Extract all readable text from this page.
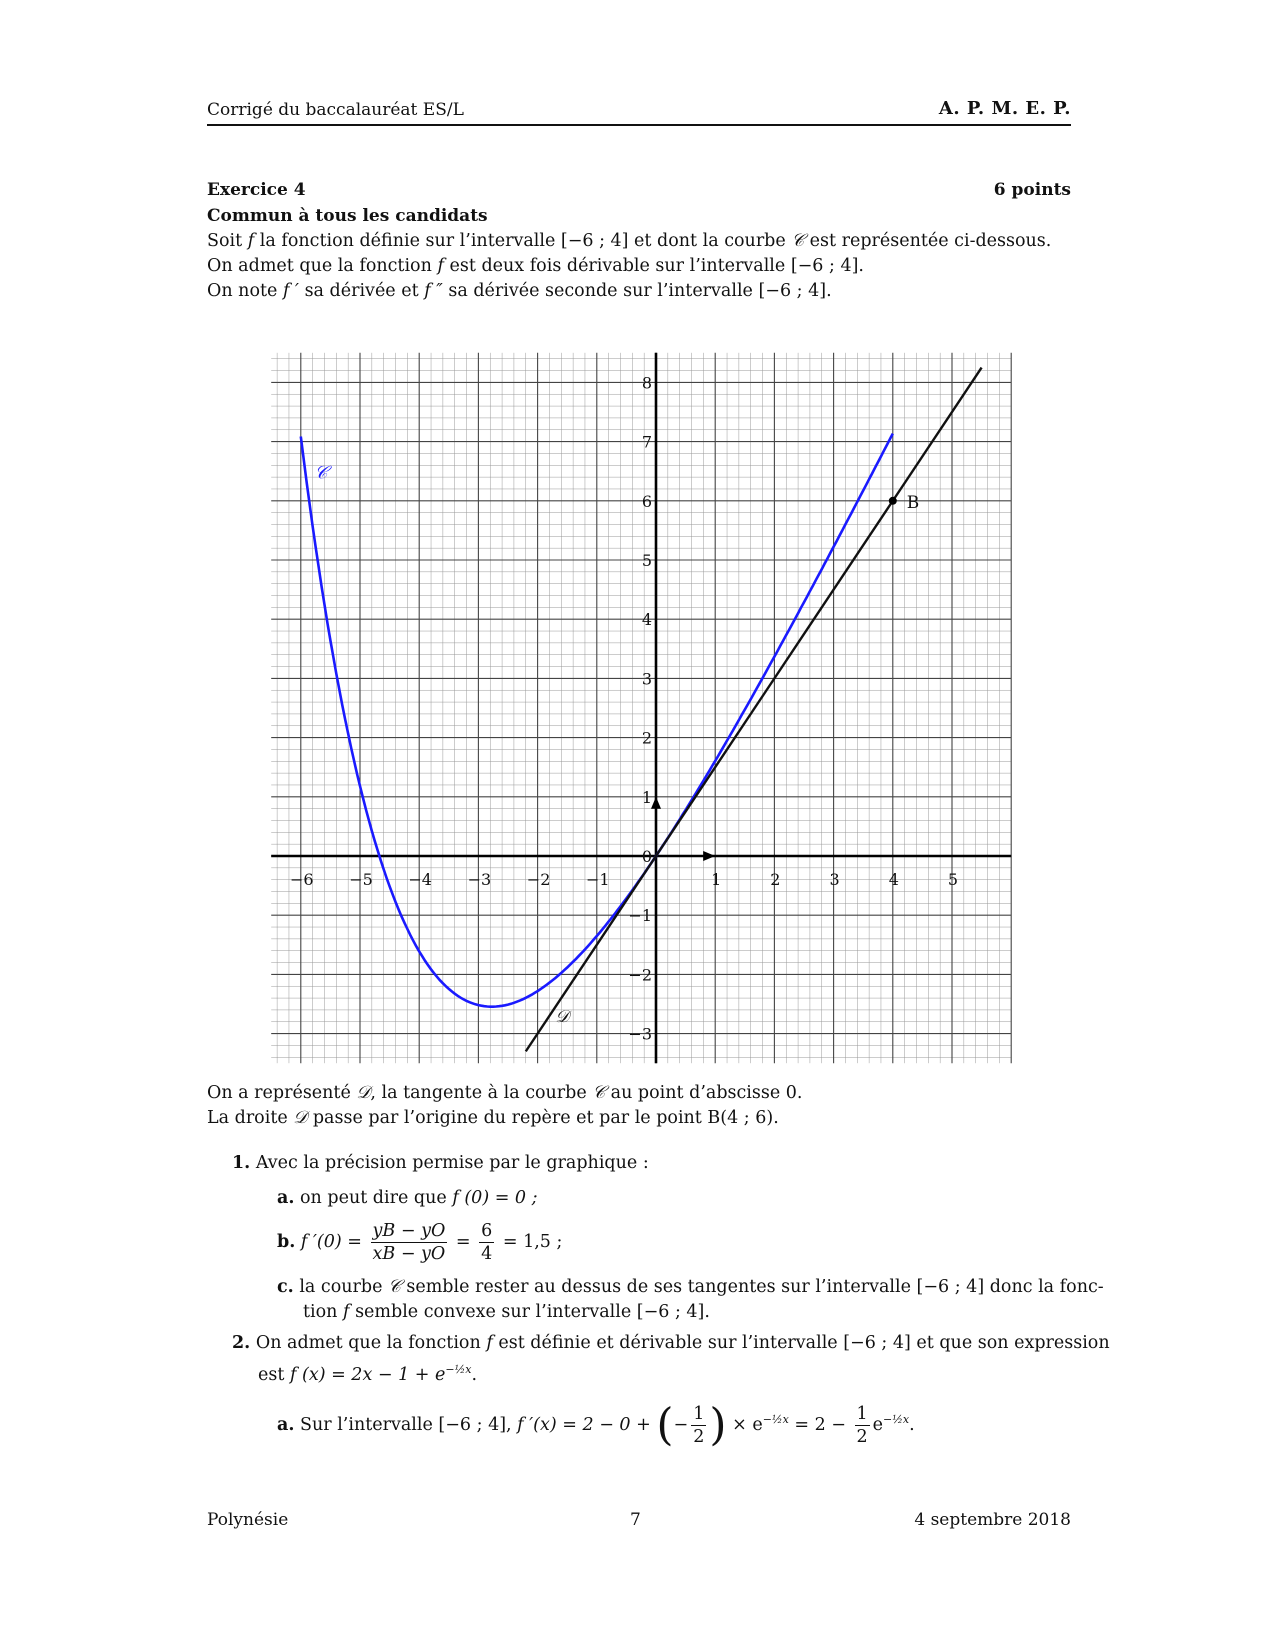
Corrigé du baccalauréat ES/L	A. P. M. E. P.
Exercice 4	6 points
Commun à tous les candidats
Soit f la fonction définie sur l’intervalle [−6 ; 4] et dont la courbe 𝒞 est représentée ci-dessous.
On admet que la fonction f est deux fois dérivable sur l’intervalle [−6 ; 4].
On note f ′ sa dérivée et f ″ sa dérivée seconde sur l’intervalle [−6 ; 4].
−6 −5 −4 −3 −2 −1	1	2	3	4	5
−3
−2
−1
0
1
2
3
4
5
6
7
8
B
𝒞
𝒟
On a représenté 𝒟, la tangente à la courbe 𝒞 au point d’abscisse 0.
La droite 𝒟 passe par l’origine du repère et par le point B(4 ; 6).
1. Avec la précision permise par le graphique :
a. on peut dire que f (0) = 0 ;
b. f $'(0) = \frac{yB - yO}{xB - yO} = \frac{6}{4} = 1,5$ ;
c. la courbe 𝒞 semble rester au dessus de ses tangentes sur l’intervalle [−6 ; 4] donc la fonc-
tion f semble convexe sur l’intervalle [−6 ; 4].
2. On admet que la fonction f est définie et dérivable sur l’intervalle [−6 ; 4] et que son expression
est f $(x) = 2x - 1 + e^{-\frac{1}{2}x}$.
a. Sur l’intervalle [−6 ; 4], f ′(x) = 2 − 0 + (− $\frac{1}{2}$ ) × $e^{-\frac{1}{2}x} = 2 - \frac{1}{2} e^{-\frac{1}{2}x}$.
Polynésie	7	4 septembre 2018
